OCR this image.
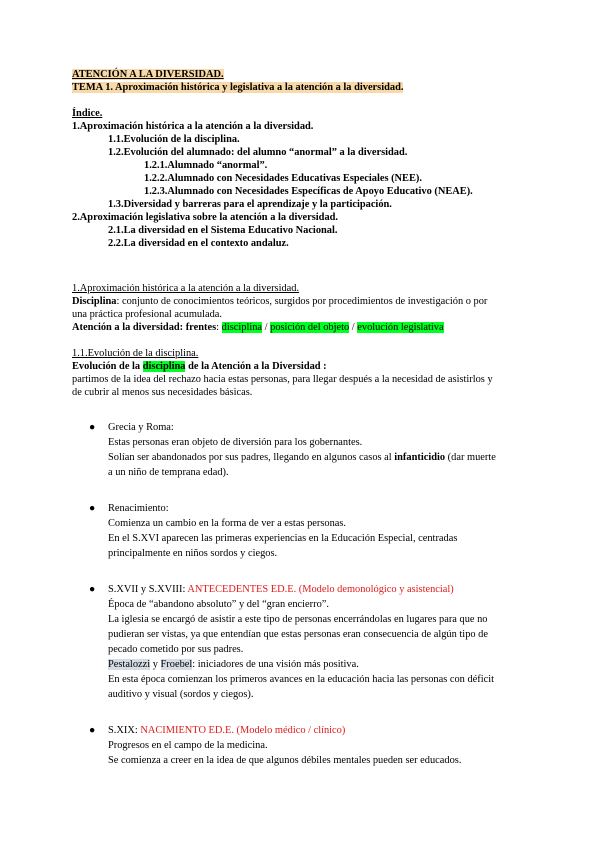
ATENCIÓN A LA DIVERSIDAD.
TEMA 1. Aproximación histórica y legislativa a la atención a la diversidad.
Índice.
1.Aproximación histórica a la atención a la diversidad.
1.1.Evolución de la disciplina.
1.2.Evolución del alumnado: del alumno “anormal” a la diversidad.
1.2.1.Alumnado “anormal”.
1.2.2.Alumnado con Necesidades Educativas Especiales (NEE).
1.2.3.Alumnado con Necesidades Específicas de Apoyo Educativo (NEAE).
1.3.Diversidad y barreras para el aprendizaje y la participación.
2.Aproximación legislativa sobre la atención a la diversidad.
2.1.La diversidad en el Sistema Educativo Nacional.
2.2.La diversidad en el contexto andaluz.
1.Aproximación histórica a la atención a la diversidad.
Disciplina: conjunto de conocimientos teóricos, surgidos por procedimientos de investigación o por
una práctica profesional acumulada.
Atención a la diversidad: frentes: disciplina / posición del objeto / evolución legislativa
1.1.Evolución de la disciplina.
Evolución de la disciplina de la Atención a la Diversidad :
partimos de la idea del rechazo hacia estas personas, para llegar después a la necesidad de asistirlos y
de cubrir al menos sus necesidades básicas.
● Grecia y Roma:
Estas personas eran objeto de diversión para los gobernantes.
Solían ser abandonados por sus padres, llegando en algunos casos al infanticidio (dar muerte
a un niño de temprana edad).
● Renacimiento:
Comienza un cambio en la forma de ver a estas personas.
En el S.XVI aparecen las primeras experiencias en la Educación Especial, centradas
principalmente en niños sordos y ciegos.
● S.XVII y S.XVIII: ANTECEDENTES ED.E. (Modelo demonológico y asistencial)
Época de “abandono absoluto” y del “gran encierro”.
La iglesia se encargó de asistir a este tipo de personas encerrándolas en lugares para que no
pudieran ser vistas, ya que entendían que estas personas eran consecuencia de algún tipo de
pecado cometido por sus padres.
Pestalozzi y Froebel: iniciadores de una visión más positiva.
En esta época comienzan los primeros avances en la educación hacia las personas con déficit
auditivo y visual (sordos y ciegos).
● S.XIX: NACIMIENTO ED.E. (Modelo médico / clínico)
Progresos en el campo de la medicina.
Se comienza a creer en la idea de que algunos débiles mentales pueden ser educados.
